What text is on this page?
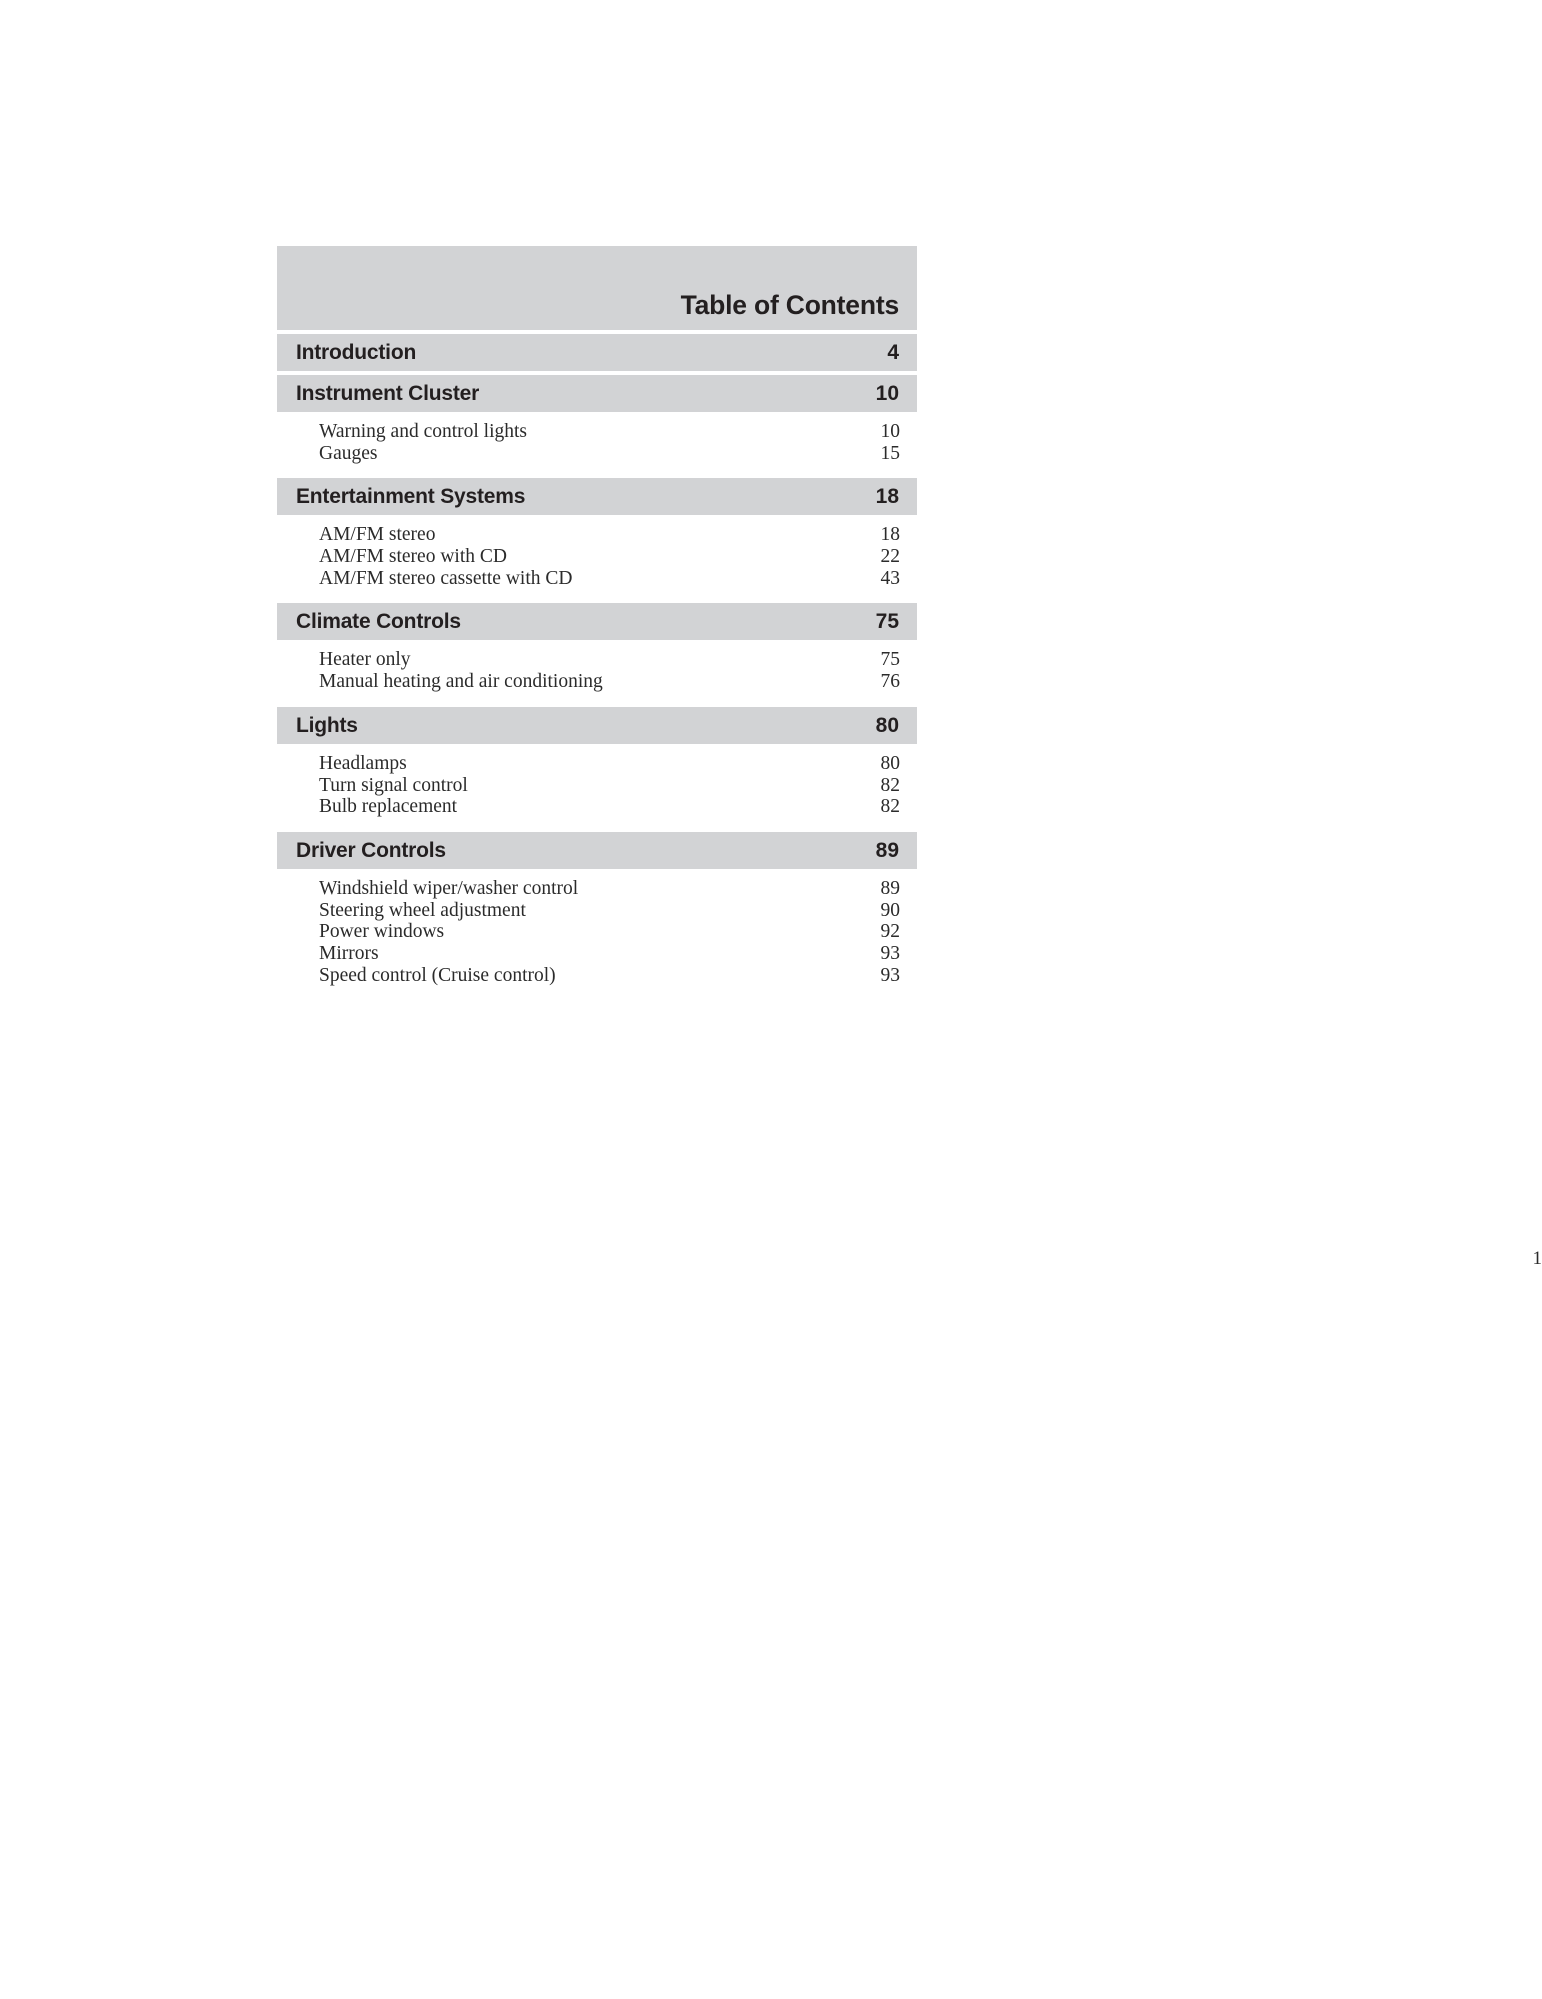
Table of Contents
Introduction	4
Instrument Cluster	10
Warning and control lights	10
Gauges	15
Entertainment Systems	18
AM/FM stereo	18
AM/FM stereo with CD	22
AM/FM stereo cassette with CD	43
Climate Controls	75
Heater only	75
Manual heating and air conditioning	76
Lights	80
Headlamps	80
Turn signal control	82
Bulb replacement	82
Driver Controls	89
Windshield wiper/washer control	89
Steering wheel adjustment	90
Power windows	92
Mirrors	93
Speed control (Cruise control)	93
1
